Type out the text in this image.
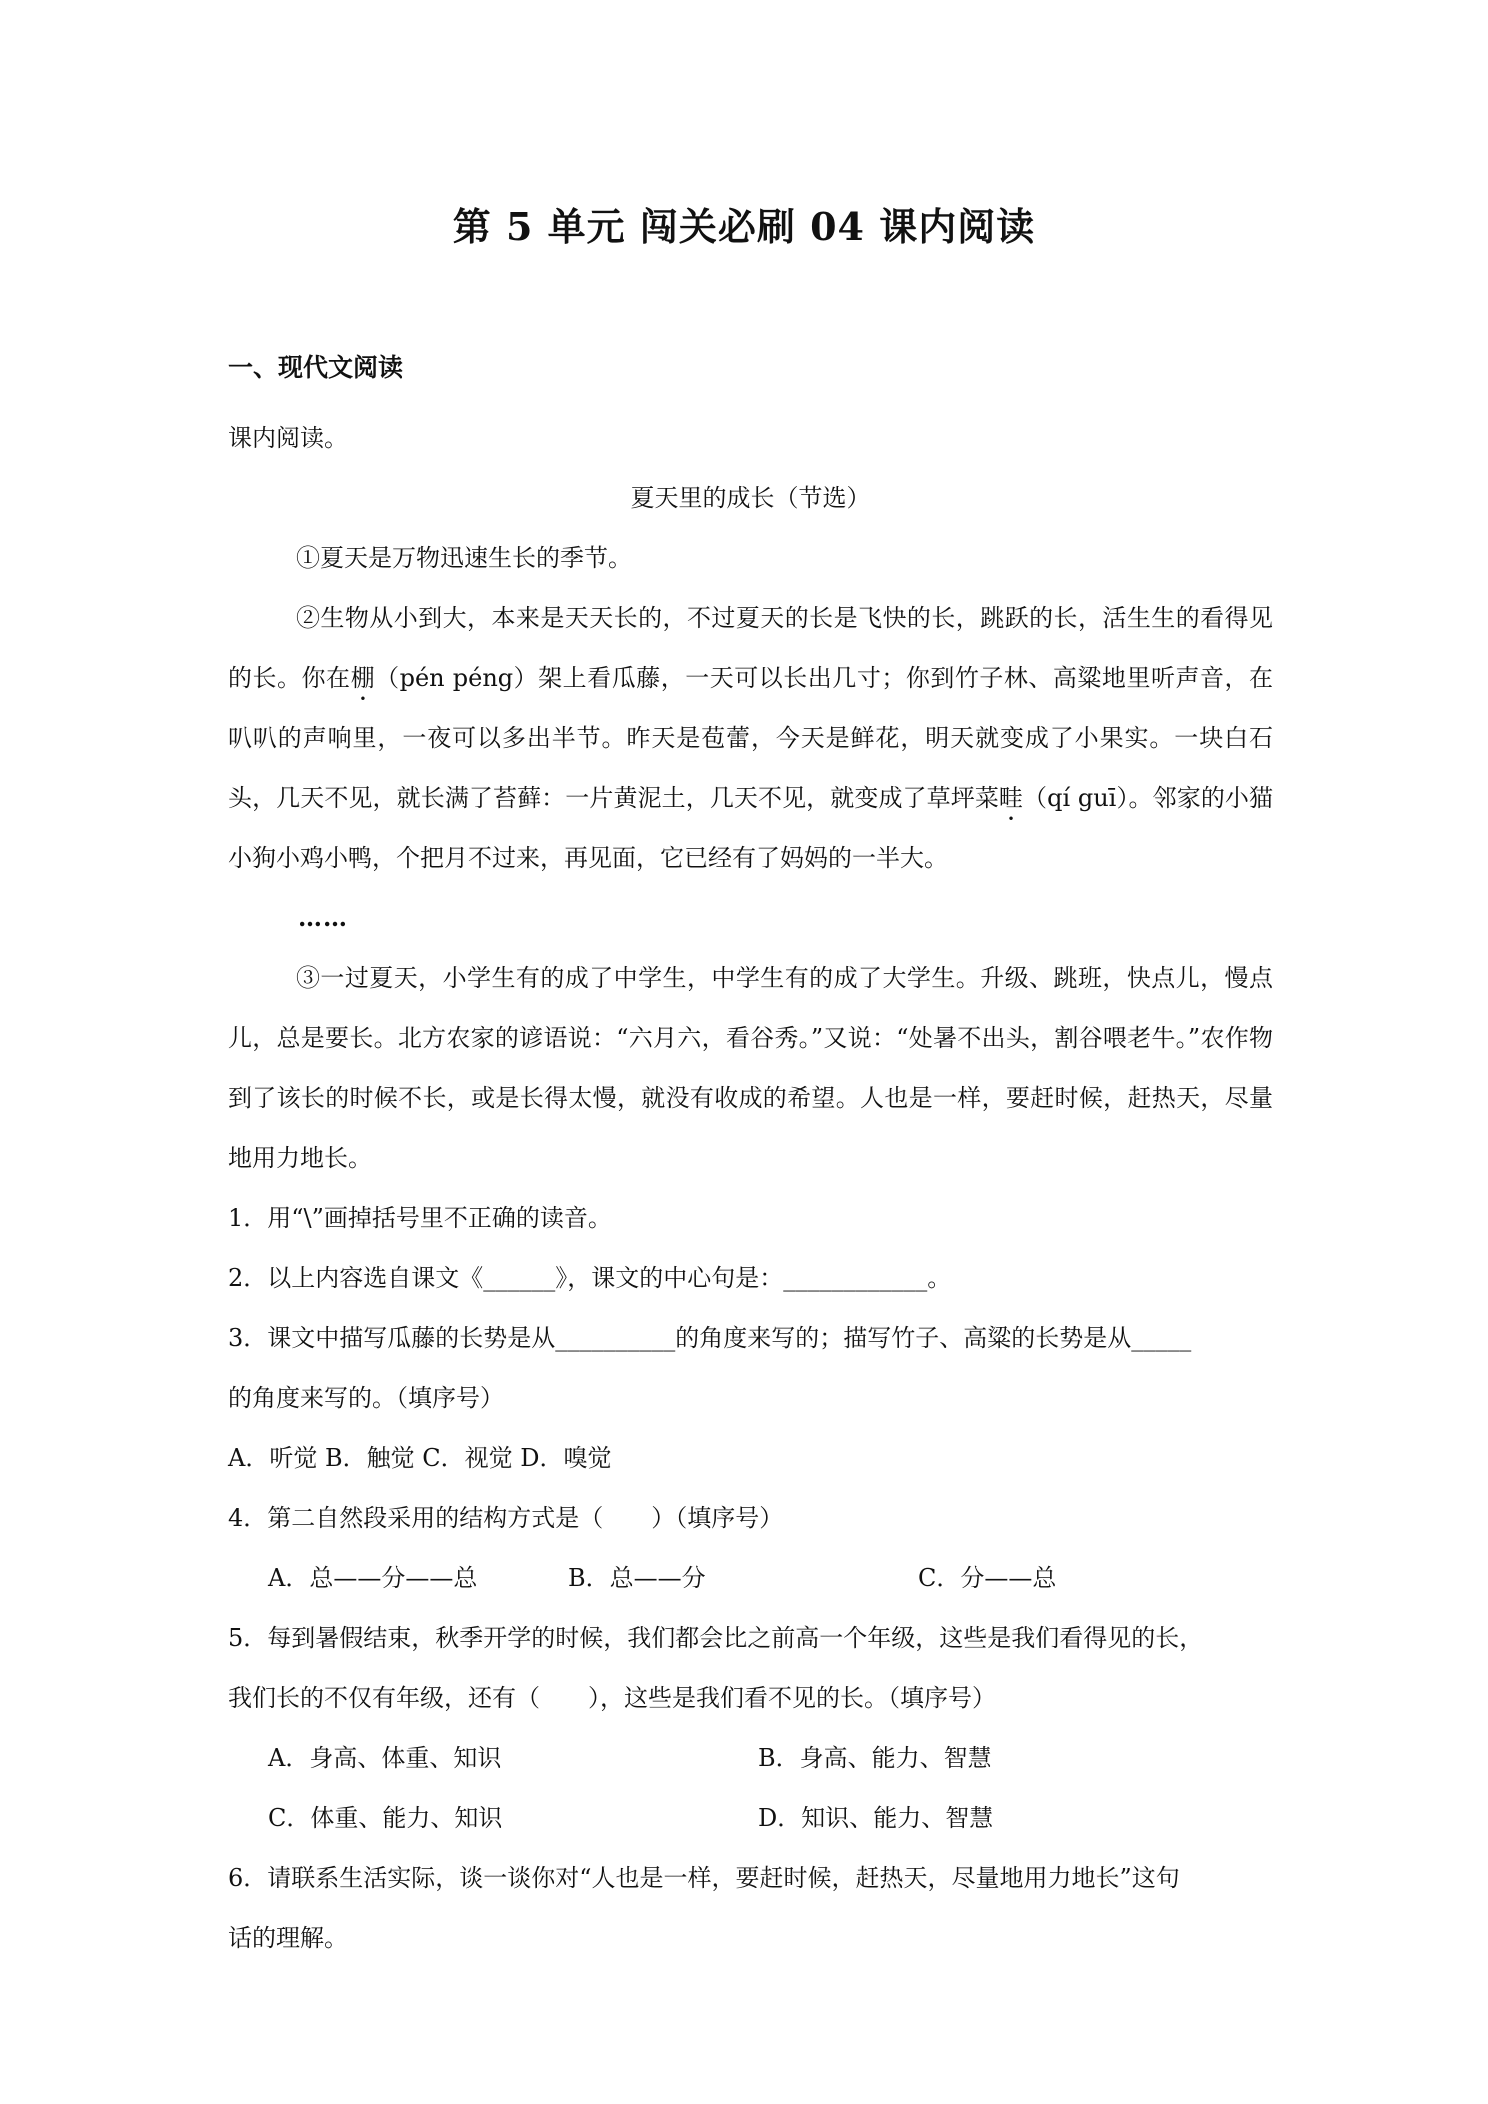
第 5 单元 闯关必刷 04 课内阅读
一、现代文阅读

课内阅读。

夏天里的成长（节选）

①夏天是万物迅速生长的季节。

②生物从小到大，本来是天天长的，不过夏天的长是飞快的长，跳跃的长，活生生的看得见的长。你在棚（pén péng）架上看瓜藤，一天可以长出几寸；你到竹子林、高粱地里听声音，在叭叭的声响里，一夜可以多出半节。昨天是苞蕾，今天是鲜花，明天就变成了小果实。一块白石头，几天不见，就长满了苔藓：一片黄泥土，几天不见，就变成了草坪菜畦（qí guī）。邻家的小猫小狗小鸡小鸭，个把月不过来，再见面，它已经有了妈妈的一半大。

……

③一过夏天，小学生有的成了中学生，中学生有的成了大学生。升级、跳班，快点儿，慢点儿，总是要长。北方农家的谚语说：“六月六，看谷秀。”又说：“处暑不出头，割谷喂老牛。”农作物到了该长的时候不长，或是长得太慢，就没有收成的希望。人也是一样，要赶时候，赶热天，尽量地用力地长。

1．用“\”画掉括号里不正确的读音。

2．以上内容选自课文《______》，课文的中心句是：____________。

3．课文中描写瓜藤的长势是从__________的角度来写的；描写竹子、高粱的长势是从_____

的角度来写的。（填序号）

A．听觉 B．触觉 C．视觉 D．嗅觉

4．第二自然段采用的结构方式是（　　）（填序号）

A．总——分——总	B．总——分	C．分——总

5．每到暑假结束，秋季开学的时候，我们都会比之前高一个年级，这些是我们看得见的长，

我们长的不仅有年级，还有（　　），这些是我们看不见的长。（填序号）

A．身高、体重、知识	B．身高、能力、智慧
C．体重、能力、知识	D．知识、能力、智慧

6．请联系生活实际，谈一谈你对“人也是一样，要赶时候，赶热天，尽量地用力地长”这句

话的理解。
